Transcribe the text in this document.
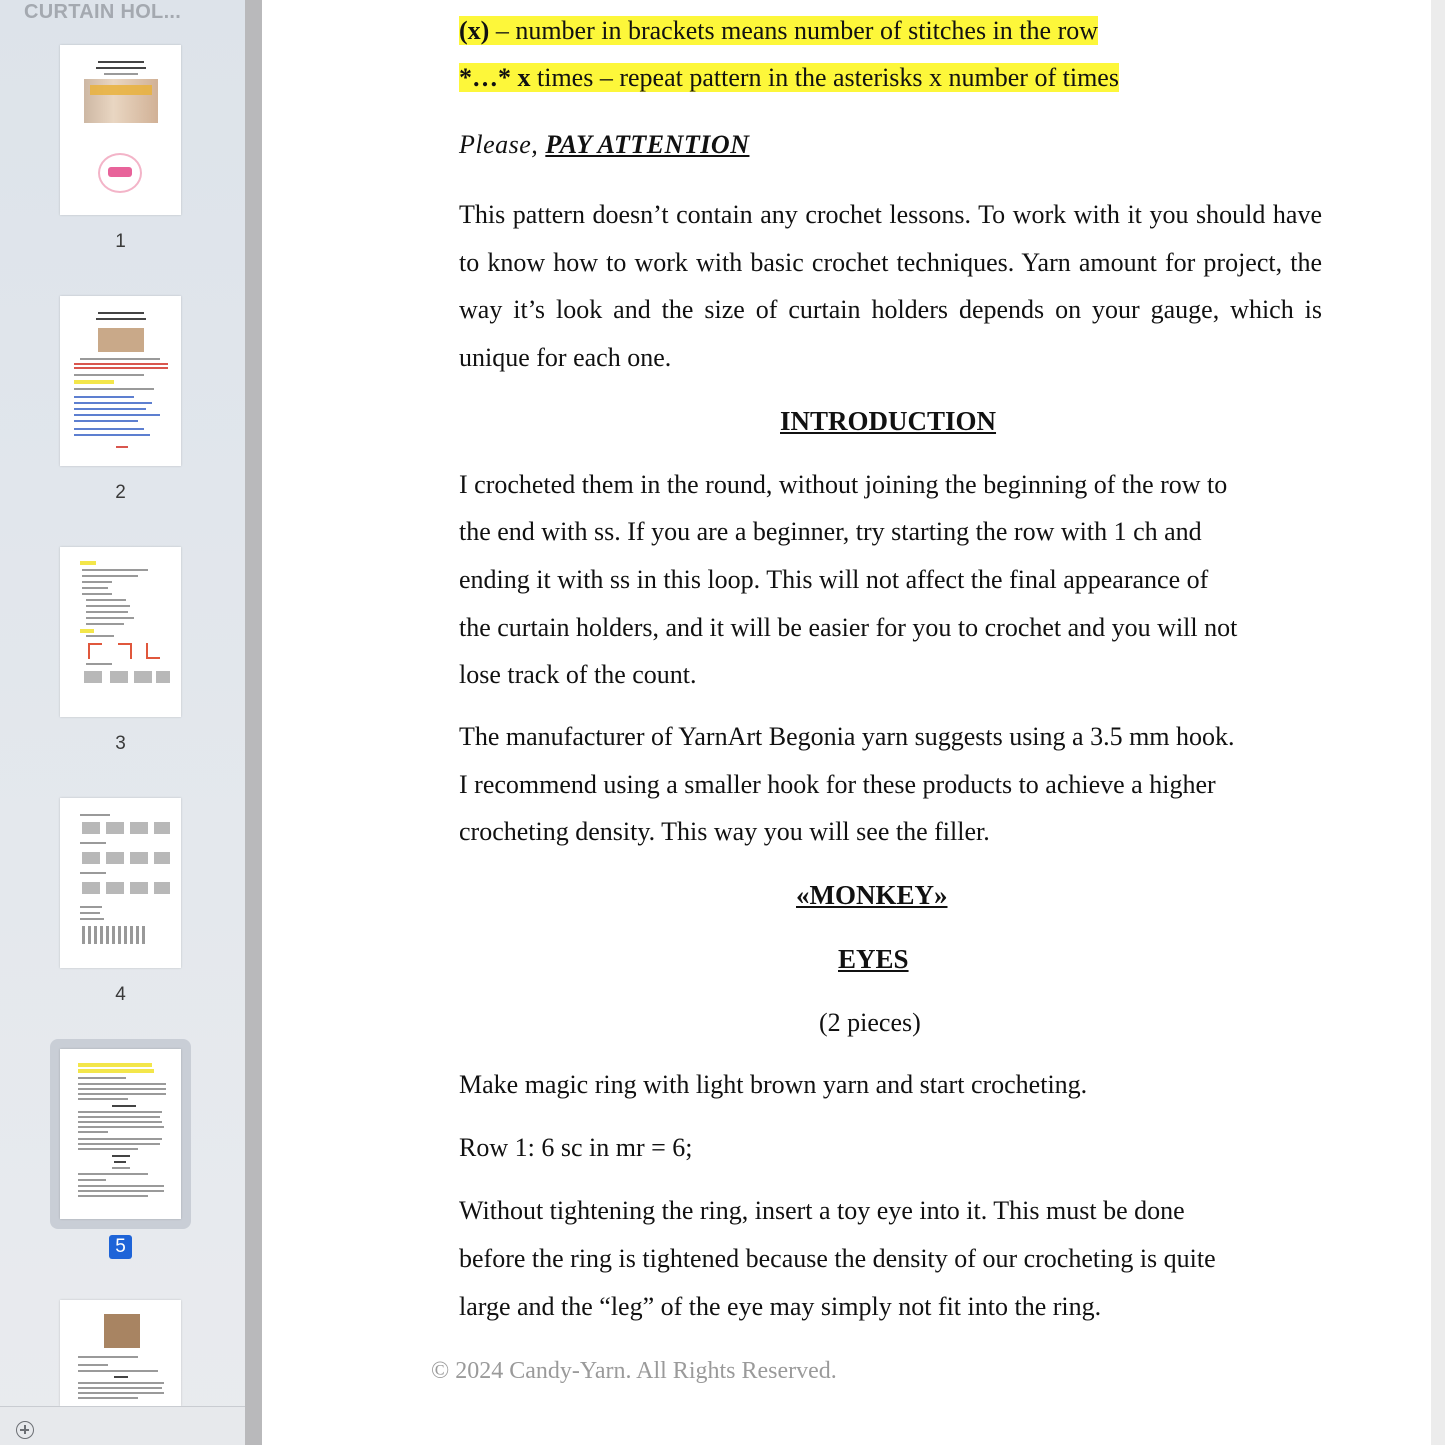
CURTAIN HOL...
1
2
3
4
5
(x) – number in brackets means number of stitches in the row
*…* x times – repeat pattern in the asterisks x number of times
Please, PAY ATTENTION
This pattern doesn’t contain any crochet lessons. To work with it you should have to know how to work with basic crochet techniques. Yarn amount for project, the way it’s look and the size of curtain holders depends on your gauge, which is unique for each one.
INTRODUCTION
I crocheted them in the round, without joining the beginning of the row to
the end with ss. If you are a beginner, try starting the row with 1 ch and
ending it with ss in this loop. This will not affect the final appearance of
the curtain holders, and it will be easier for you to crochet and you will not
lose track of the count.
The manufacturer of YarnArt Begonia yarn suggests using a 3.5 mm hook.
I recommend using a smaller hook for these products to achieve a higher
crocheting density. This way you will see the filler.
«MONKEY»
EYES
(2 pieces)
Make magic ring with light brown yarn and start crocheting.
Row 1: 6 sc in mr = 6;
Without tightening the ring, insert a toy eye into it. This must be done
before the ring is tightened because the density of our crocheting is quite
large and the “leg” of the eye may simply not fit into the ring.
© 2024 Candy-Yarn. All Rights Reserved.
